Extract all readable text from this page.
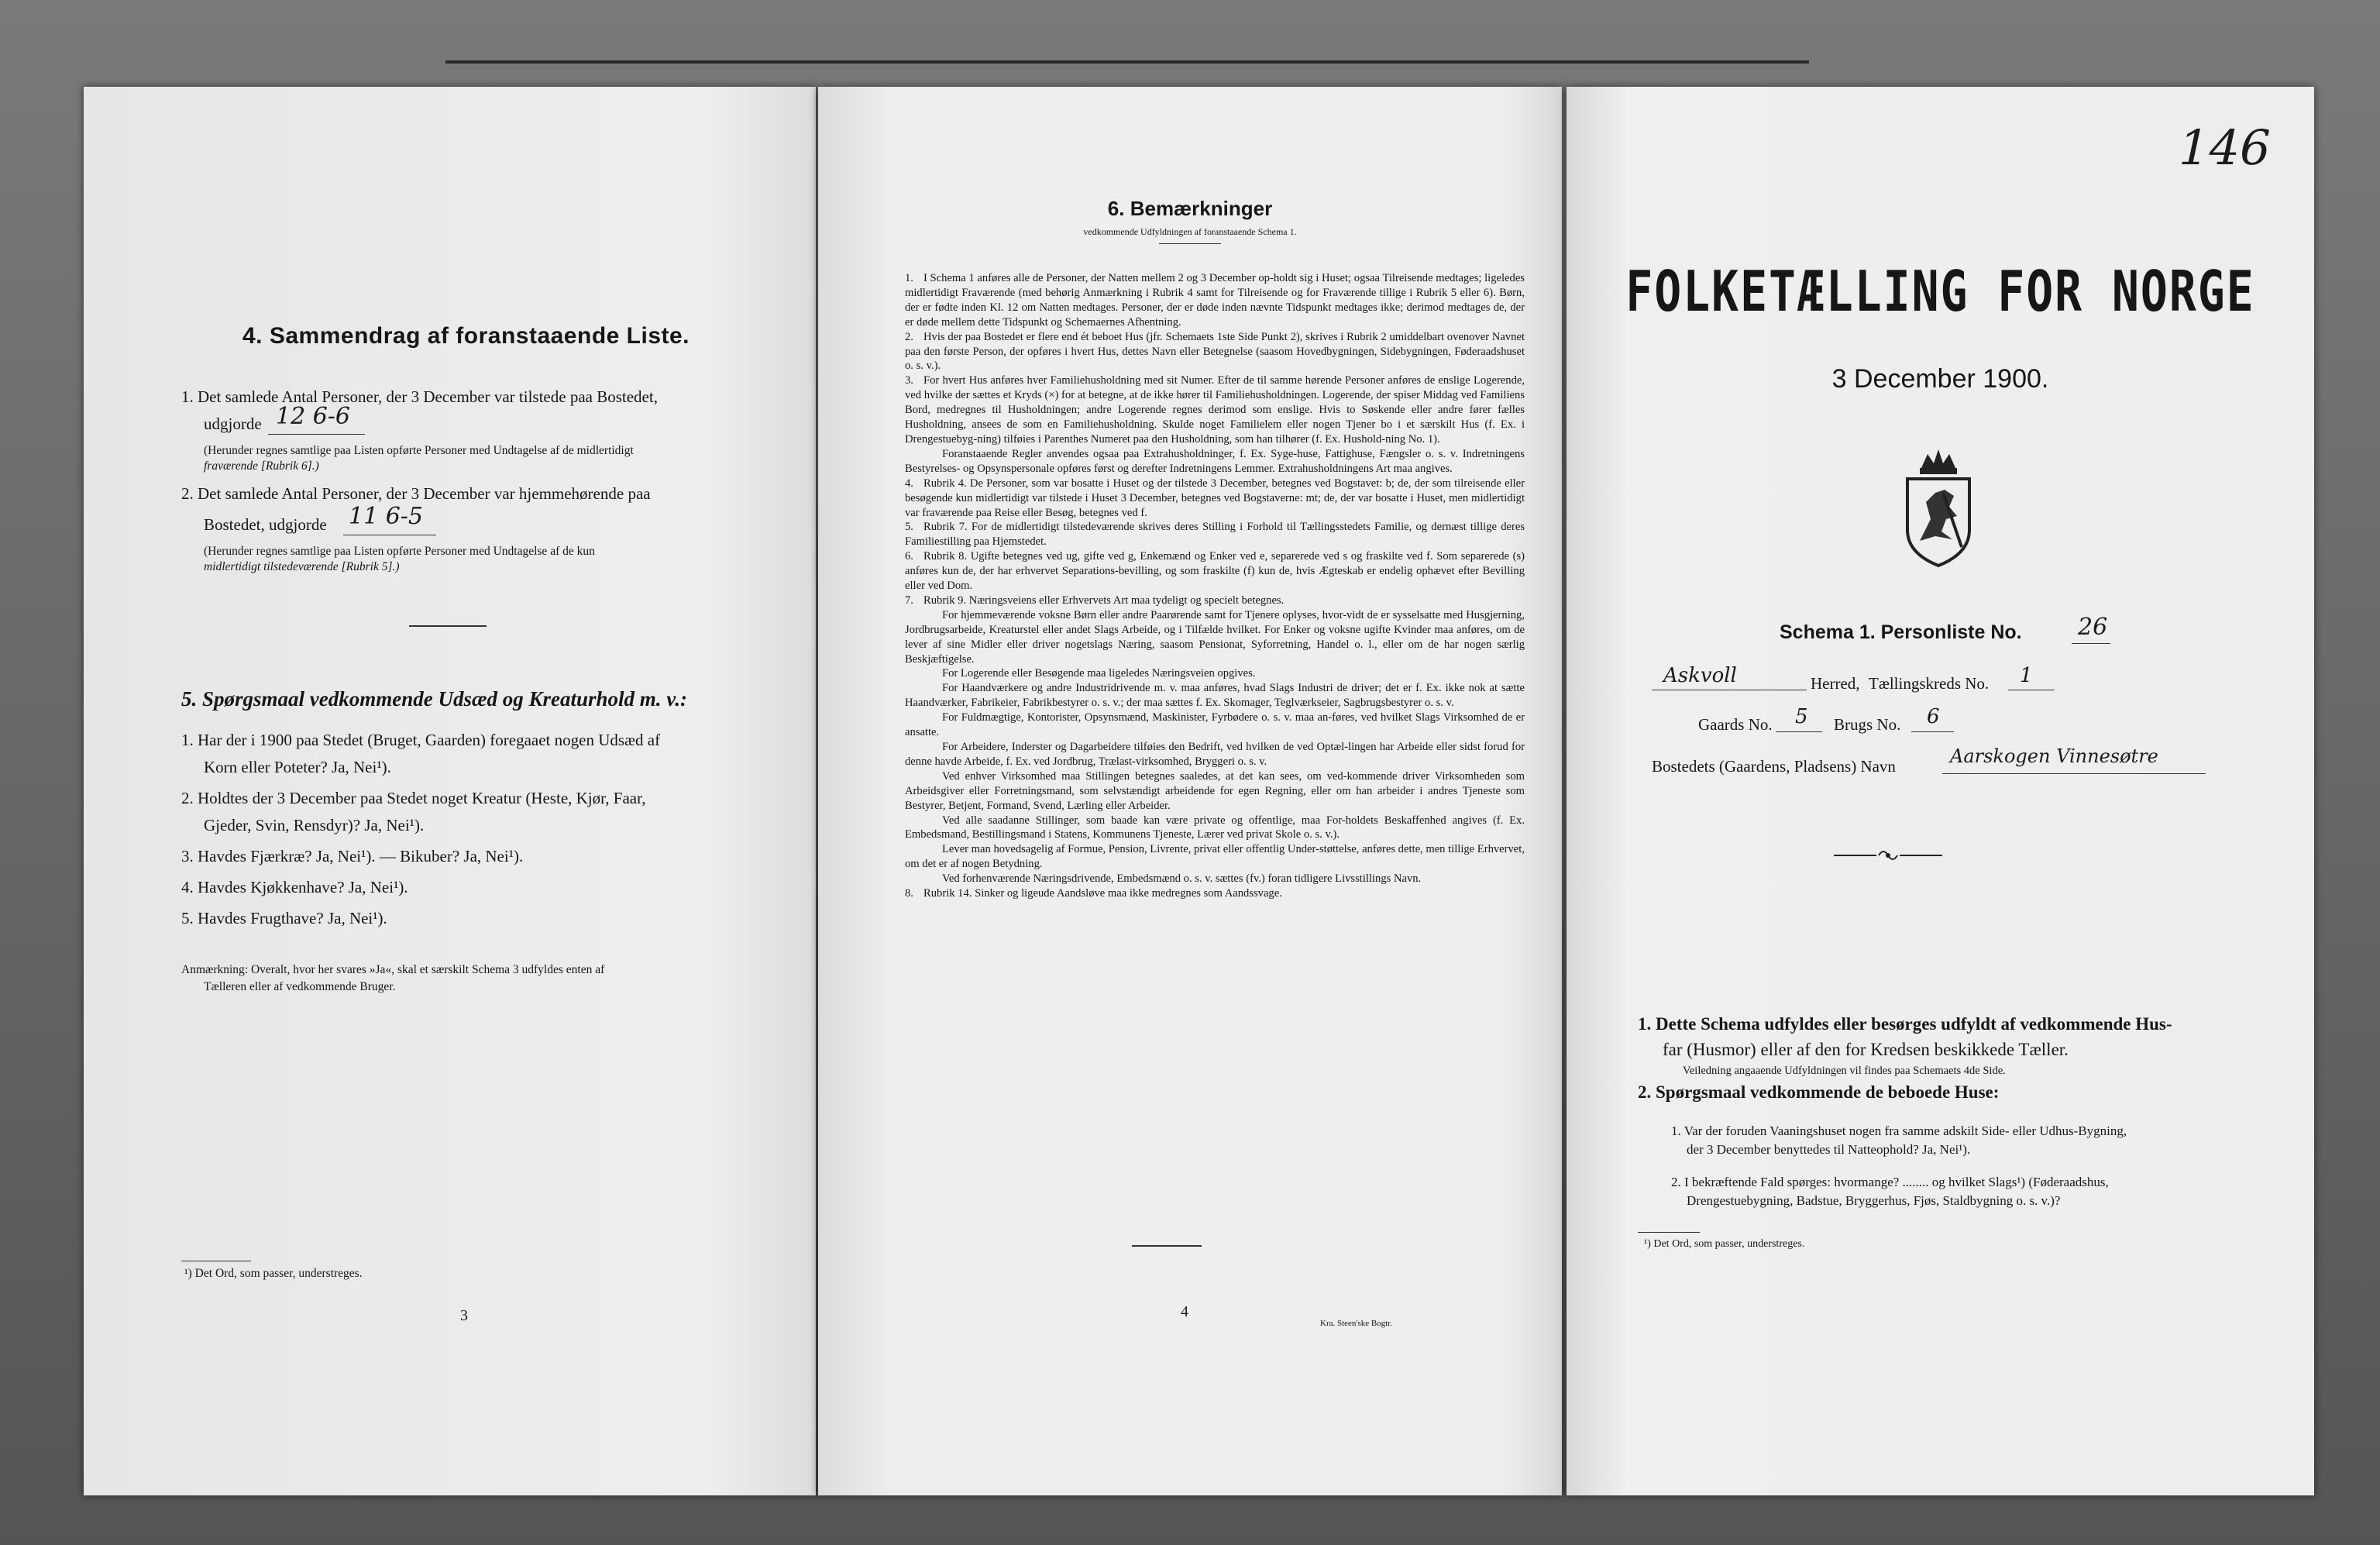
4. Sammendrag af foranstaaende Liste.
1. Det samlede Antal Personer, der 3 December var tilstede paa Bostedet,
udgjorde 12 6-6
(Herunder regnes samtlige paa Listen opførte Personer med Undtagelse af de midlertidigt
fraværende [Rubrik 6].)
2. Det samlede Antal Personer, der 3 December var hjemmehørende paa
Bostedet, udgjorde 11 6-5
(Herunder regnes samtlige paa Listen opførte Personer med Undtagelse af de kun
midlertidigt tilstedeværende [Rubrik 5].)
5. Spørgsmaal vedkommende Udsæd og Kreaturhold m. v.:
1. Har der i 1900 paa Stedet (Bruget, Gaarden) foregaaet nogen Udsæd af
Korn eller Poteter? Ja, Nei¹).
2. Holdtes der 3 December paa Stedet noget Kreatur (Heste, Kjør, Faar,
Gjeder, Svin, Rensdyr)? Ja, Nei¹).
3. Havdes Fjærkræ? Ja, Nei¹). — Bikuber? Ja, Nei¹).
4. Havdes Kjøkkenhave? Ja, Nei¹).
5. Havdes Frugthave? Ja, Nei¹).
Anmærkning: Overalt, hvor her svares »Ja«, skal et særskilt Schema 3 udfyldes enten af
Tælleren eller af vedkommende Bruger.
¹) Det Ord, som passer, understreges.
3
6. Bemærkninger
vedkommende Udfyldningen af foranstaaende Schema 1.

1. I Schema 1 anføres alle de Personer, der Natten mellem 2 og 3 December op-holdt sig i Huset; ogsaa Tilreisende medtages; ligeledes midlertidigt Fraværende (med behørig Anmærkning i Rubrik 4 samt for Tilreisende og for Fraværende tillige i Rubrik 5 eller 6). Børn, der er fødte inden Kl. 12 om Natten medtages. Personer, der er døde inden nævnte Tidspunkt medtages ikke; derimod medtages de, der er døde mellem dette Tidspunkt og Schemaernes Afhentning.

2. Hvis der paa Bostedet er flere end ét beboet Hus (jfr. Schemaets 1ste Side Punkt 2), skrives i Rubrik 2 umiddelbart ovenover Navnet paa den første Person, der opføres i hvert Hus, dettes Navn eller Betegnelse (saasom Hovedbygningen, Sidebygningen, Føderaadshuset o. s. v.).

3. For hvert Hus anføres hver Familiehusholdning med sit Numer. Efter de til samme hørende Personer anføres de enslige Logerende, ved hvilke der sættes et Kryds (×) for at betegne, at de ikke hører til Familiehusholdningen. Logerende, der spiser Middag ved Familiens Bord, medregnes til Husholdningen; andre Logerende regnes derimod som enslige. Hvis to Søskende eller andre fører fælles Husholdning, ansees de som en Familiehusholdning. Skulde noget Familielem eller nogen Tjener bo i et særskilt Hus (f. Ex. i Drengestuebyg-ning) tilføies i Parenthes Numeret paa den Husholdning, som han tilhører (f. Ex. Hushold-ning No. 1).

Foranstaaende Regler anvendes ogsaa paa Extrahusholdninger, f. Ex. Syge-huse, Fattighuse, Fængsler o. s. v. Indretningens Bestyrelses- og Opsynspersonale opføres først og derefter Indretningens Lemmer. Extrahusholdningens Art maa angives.

4. Rubrik 4. De Personer, som var bosatte i Huset og der tilstede 3 December, betegnes ved Bogstavet: b; de, der som tilreisende eller besøgende kun midlertidigt var tilstede i Huset 3 December, betegnes ved Bogstaverne: mt; de, der var bosatte i Huset, men midlertidigt var fraværende paa Reise eller Besøg, betegnes ved f.

5. Rubrik 7. For de midlertidigt tilstedeværende skrives deres Stilling i Forhold til Tællingsstedets Familie, og dernæst tillige deres Familiestilling paa Hjemstedet.

6. Rubrik 8. Ugifte betegnes ved ug, gifte ved g, Enkemænd og Enker ved e, separerede ved s og fraskilte ved f. Som separerede (s) anføres kun de, der har erhvervet Separations-bevilling, og som fraskilte (f) kun de, hvis Ægteskab er endelig ophævet efter Bevilling eller ved Dom.

7. Rubrik 9. Næringsveiens eller Erhvervets Art maa tydeligt og specielt betegnes.

For hjemmeværende voksne Børn eller andre Paarørende samt for Tjenere oplyses, hvor-vidt de er sysselsatte med Husgjerning, Jordbrugsarbeide, Kreaturstel eller andet Slags Arbeide, og i Tilfælde hvilket. For Enker og voksne ugifte Kvinder maa anføres, om de lever af sine Midler eller driver nogetslags Næring, saasom Pensionat, Syforretning, Handel o. l., eller om de har nogen særlig Beskjæftigelse.

For Logerende eller Besøgende maa ligeledes Næringsveien opgives.

For Haandværkere og andre Industridrivende m. v. maa anføres, hvad Slags Industri de driver; det er f. Ex. ikke nok at sætte Haandværker, Fabrikeier, Fabrikbestyrer o. s. v.; der maa sættes f. Ex. Skomager, Teglværkseier, Sagbrugsbestyrer o. s. v.

For Fuldmægtige, Kontorister, Opsynsmænd, Maskinister, Fyrbødere o. s. v. maa an-føres, ved hvilket Slags Virksomhed de er ansatte.

For Arbeidere, Inderster og Dagarbeidere tilføies den Bedrift, ved hvilken de ved Optæl-lingen har Arbeide eller sidst forud for denne havde Arbeide, f. Ex. ved Jordbrug, Trælast-virksomhed, Bryggeri o. s. v.

Ved enhver Virksomhed maa Stillingen betegnes saaledes, at det kan sees, om ved-kommende driver Virksomheden som Arbeidsgiver eller Forretningsmand, som selvstændigt arbeidende for egen Regning, eller om han arbeider i andres Tjeneste som Bestyrer, Betjent, Formand, Svend, Lærling eller Arbeider.

Ved alle saadanne Stillinger, som baade kan være private og offentlige, maa For-holdets Beskaffenhed angives (f. Ex. Embedsmand, Bestillingsmand i Statens, Kommunens Tjeneste, Lærer ved privat Skole o. s. v.).

Lever man hovedsagelig af Formue, Pension, Livrente, privat eller offentlig Under-støttelse, anføres dette, men tillige Erhvervet, om det er af nogen Betydning.

Ved forhenværende Næringsdrivende, Embedsmænd o. s. v. sættes (fv.) foran tidligere Livsstillings Navn.

8. Rubrik 14. Sinker og ligeude Aandsløve maa ikke medregnes som Aandssvage.

4
Kra. Steen'ske Bogtr.
146
FOLKETÆLLING FOR NORGE
3 December 1900.
Schema 1. Personliste No. 26
Askvoll	Herred, Tællingskreds No. 1
Gaards No. 5 Brugs No. 6
Bostedets (Gaardens, Pladsens) Navn	Aarskogen Vinnesøtre
1. Dette Schema udfyldes eller besørges udfyldt af vedkommende Hus-
far (Husmor) eller af den for Kredsen beskikkede Tæller.
Veiledning angaaende Udfyldningen vil findes paa Schemaets 4de Side.
2. Spørgsmaal vedkommende de beboede Huse:
1. Var der foruden Vaaningshuset nogen fra samme adskilt Side- eller Udhus-Bygning,
der 3 December benyttedes til Natteophold? Ja, Nei¹).
2. I bekræftende Fald spørges: hvormange? ........ og hvilket Slags¹) (Føderaadshus,
Drengestuebygning, Badstue, Bryggerhus, Fjøs, Staldbygning o. s. v.)?
¹) Det Ord, som passer, understreges.
